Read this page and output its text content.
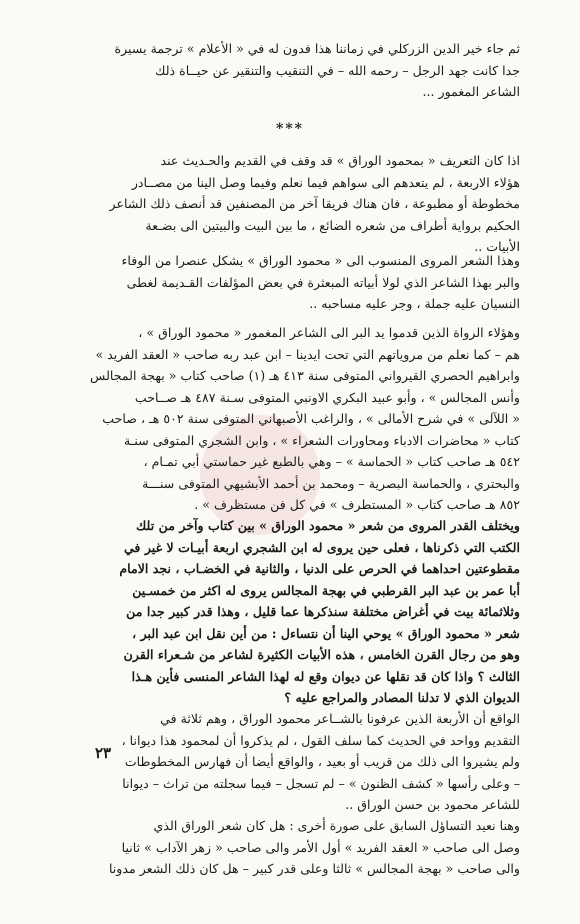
ثم جاء خير الدين الزركلي في زماننا هذا فدون له في « الأعلام » ترجمة يسيرة
جدا كانت جهد الرجل – رحمه الله – في التنقيب والتنقير عن حيــاة ذلك
الشاعر المغمور ...
***
اذا كان التعريف « بمحمود الوراق » قد وقف في القديم والحـديث عند
هؤلاء الاربعة ، لم يتعدهم الى سواهم فيما نعلم وفيما وصل الينا من مصــادر
مخطوطة أو مطبوعة ، فان هناك فريقا آخر من المصنفين قد أنصف ذلك الشاعر
الحكيم برواية أطراف من شعره الضائع ، ما بين البيت والبيتين الى بضـعة
الأبيات ..
وهذا الشعر المروى المنسوب الى « محمود الوراق » يشكل عنصرا من الوفاء
والبر بهذا الشاعر الذي لولا أبياته المبعثرة في بعض المؤلفات القـديمة لغطى
النسيان عليه جملة ، وجر عليه مساحبه ..
وهؤلاء الرواة الذين قدموا يد البر الى الشاعر المغمور « محمود الوراق » ،
هم – كما نعلم من مروياتهم التي تحت ايدينا – ابن عبد ربه صاحب « العقد الفريد »
وابراهيم الحصري القيرواني المتوفى سنة ٤١٣ هـ (١) صاحب كتاب « بهجة المجالس
وأنس المجالس » ، وأبو عبيد البكري الاونبي المتوفى سـنة ٤٨٧ هـ صــاحب
« اللآلى » في شرح الأمالى » ، والراغب الأصبهاني المتوفى سنة ٥٠٢ هـ ، صاحب
كتاب « محاضرات الادباء ومحاورات الشعراء » ، وابن الشجري المتوفى سنـة
٥٤٢ هـ صاحب كتاب « الحماسة » – وهي بالطبع غير حماستي أبي تمـام ،
والبحتري ، والحماسة البصرية – ومحمد بن أحمد الأبشيهي المتوفى سنـــة
٨٥٢ هـ صاحب كتاب « المستطرف » في كل فن مستظرف » .
ويختلف القدر المروى من شعر « محمود الوراق » بين كتاب وآخر من تلك
الكتب التي ذكرناها ، فعلى حين يروى له ابن الشجري اربعة أبيـات لا غير في
مقطوعتين احداهما في الحرص على الدنيا ، والثانية في الخضـاب ، نجد الامام
أبا عمر بن عبد البر القرطبي في بهجة المجالس يروى له اكثر من خمسـين
وثلاثمائة بيت في أغراض مختلفة سنذكرها عما قليل ، وهذا قدر كبير جدا من
شعر « محمود الوراق » يوحي الينا أن نتساءل : من أين نقل ابن عبد البر ،
وهو من رجال القرن الخامس ، هذه الأبيات الكثيرة لشاعر من شـعراء القرن
الثالث ؟ واذا كان قد نقلها عن ديوان وقع له لهذا الشاعر المنسى فأين هـذا
الديوان الذي لا تدلنا المصادر والمراجع عليه ؟
الواقع أن الأربعة الذين عرفونا بالشــاعر محمود الوراق ، وهم ثلاثة في
التقديم وواحد في الحديث كما سلف القول ، لم يذكروا أن لمحمود هذا ديوانا ،
ولم يشيروا الى ذلك من قريب أو بعيد ، والواقع أيضا أن فهارس المخطوطات
– وعلى رأسها « كشف الظنون » – لم تسجل – فيما سجلته من تراث – ديوانا
للشاعر محمود بن حسن الوراق ..
وهنا نعيد التساؤل السابق على صورة أخرى : هل كان شعر الوراق الذي
وصل الى صاحب « العقد الفريد » أول الأمر والى صاحب « زهر الآداب » ثانيا
والى صاحب « بهجة المجالس » ثالثا وعلى قدر كبير – هل كان ذلك الشعر مدونا
٢٣
